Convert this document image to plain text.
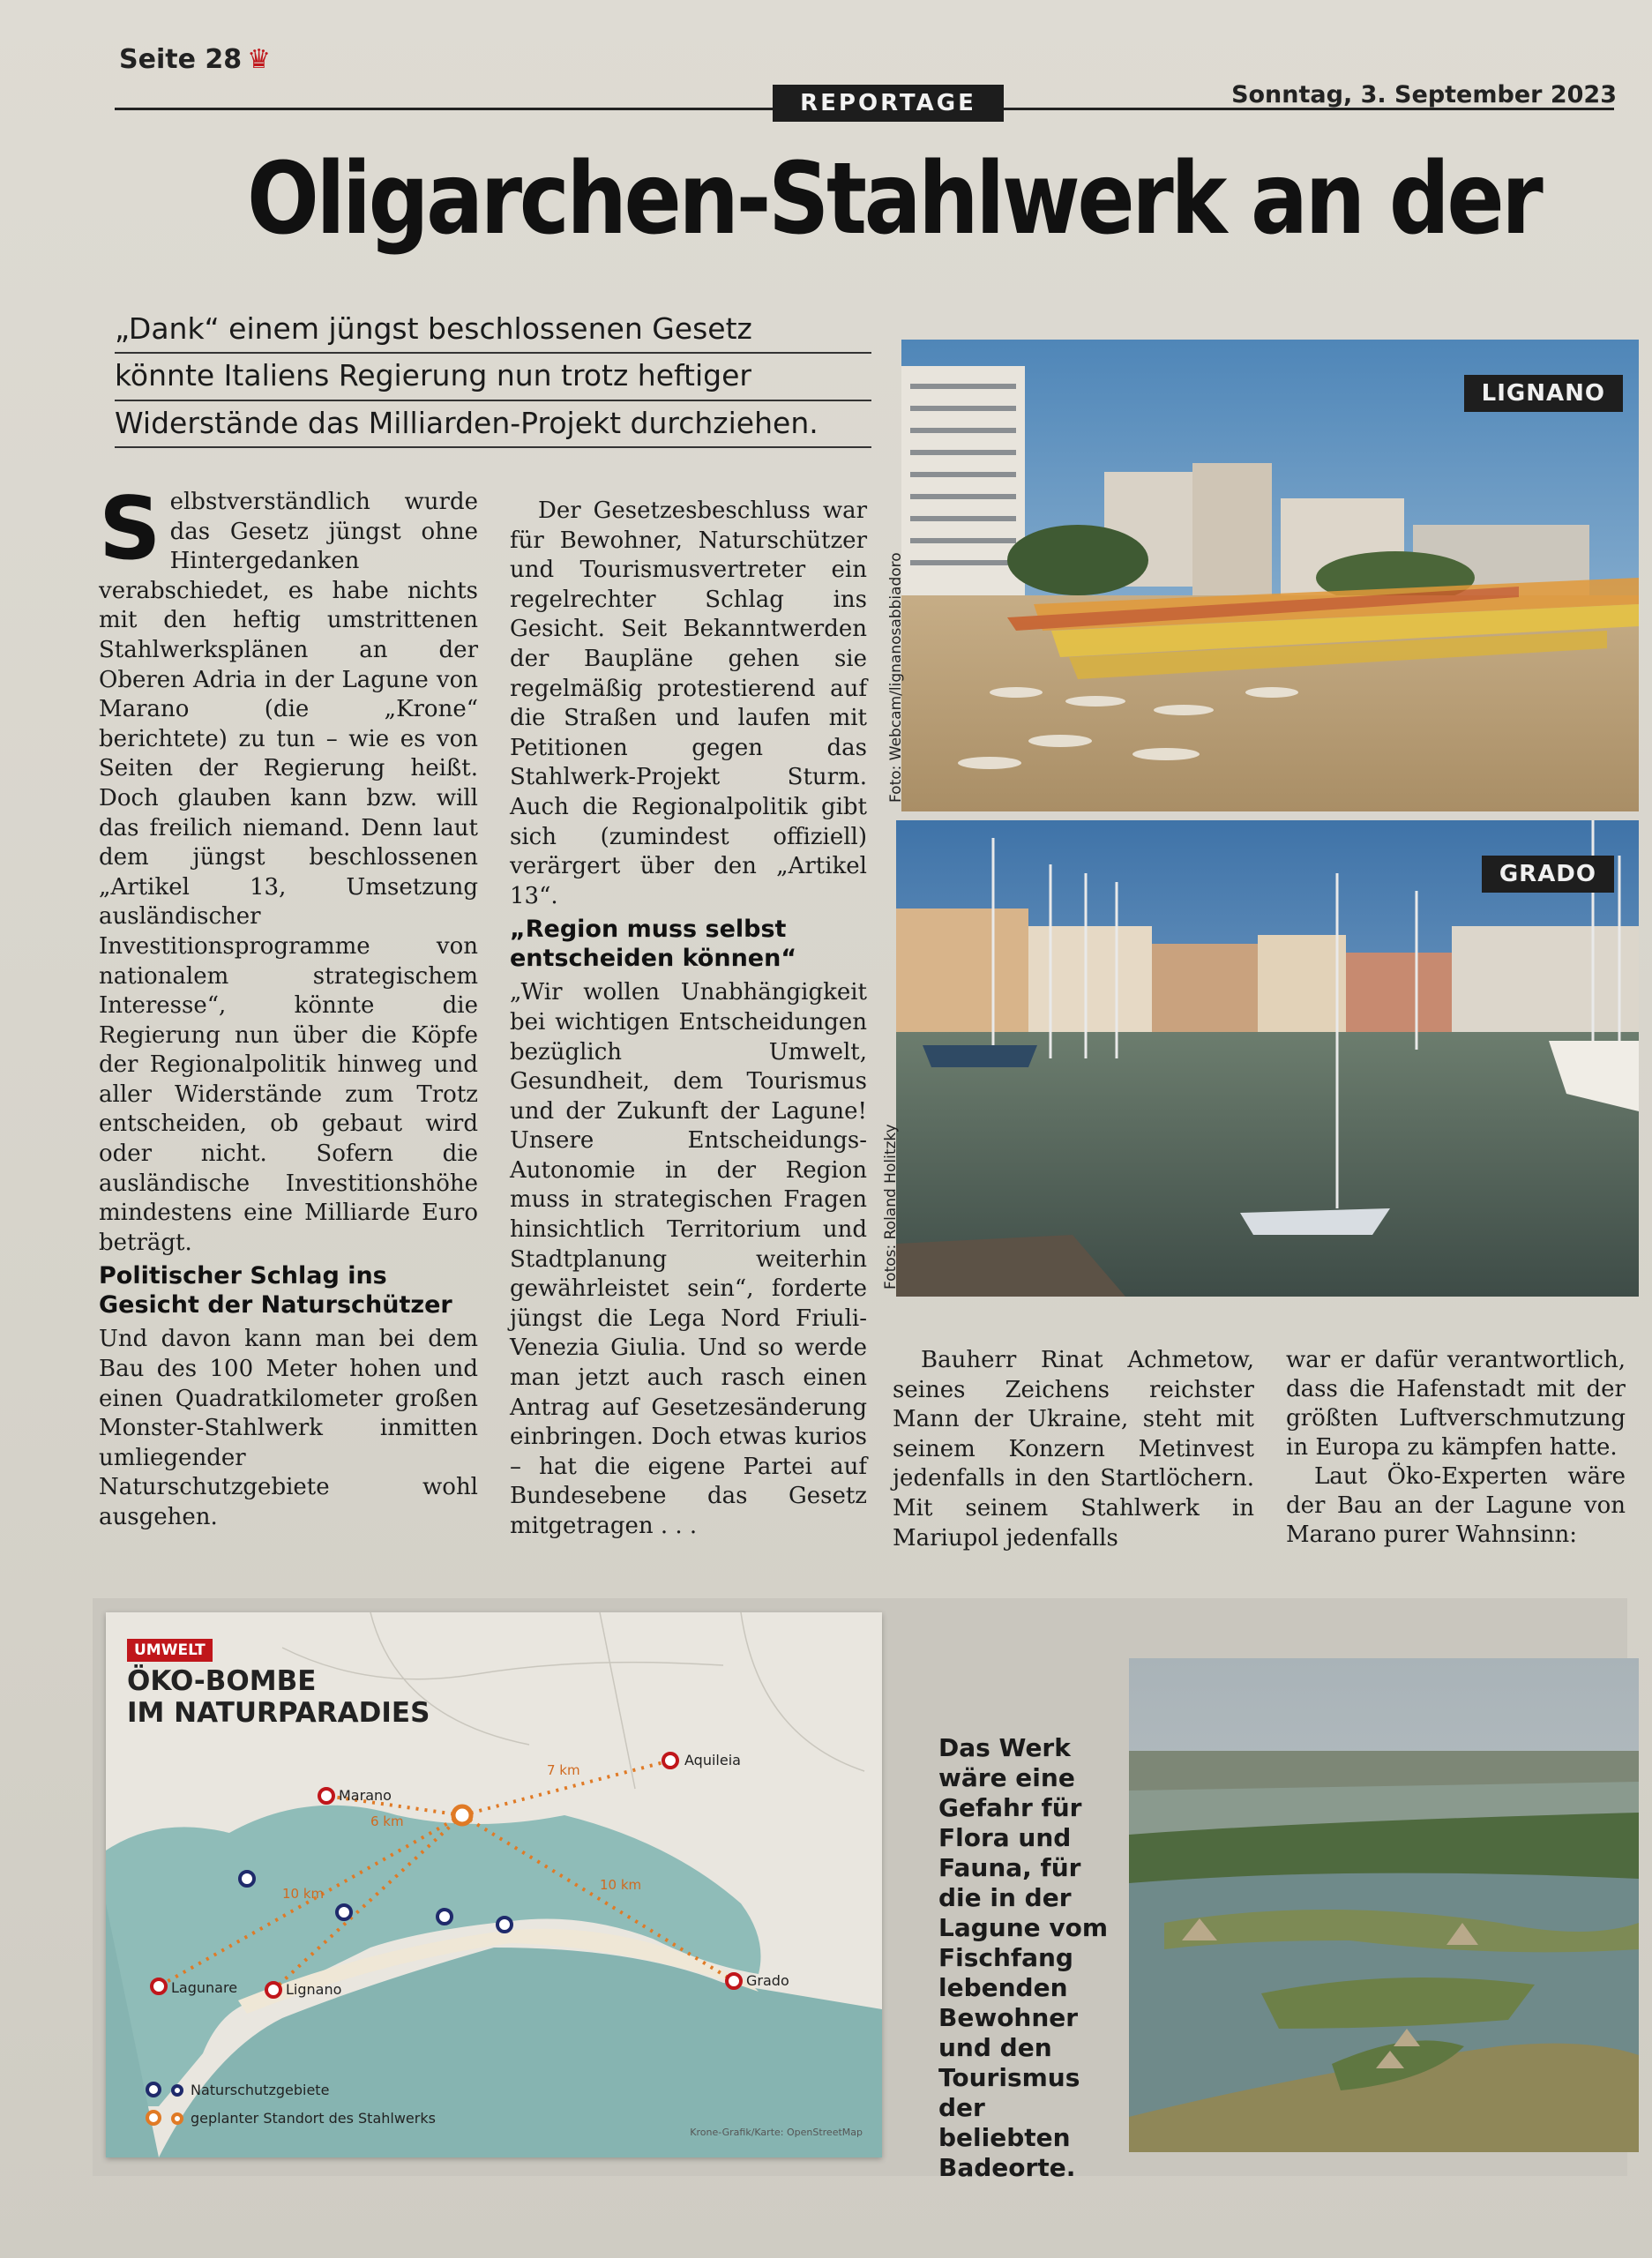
Seite 28 ♛
REPORTAGE	Sonntag, 3. September 2023
Oligarchen-Stahlwerk an der
„Dank“ einem jüngst beschlossenen Gesetz
könnte Italiens Regierung nun trotz heftiger
Widerstände das Milliarden-Projekt durchziehen.

Selbstverständlich wurde das Gesetz jüngst ohne Hintergedanken verabschiedet, es habe nichts mit den heftig umstrittenen Stahlwerksplänen an der Oberen Adria in der Lagune von Marano (die „Krone“ berichtete) zu tun – wie es von Seiten der Regierung heißt. Doch glauben kann bzw. will das freilich niemand. Denn laut dem jüngst beschlossenen „Artikel 13, Umsetzung ausländischer Investitionsprogramme von nationalem strategischem Interesse“, könnte die Regierung nun über die Köpfe der Regionalpolitik hinweg und aller Widerstände zum Trotz entscheiden, ob gebaut wird oder nicht. Sofern die ausländische Investitionshöhe mindestens eine Milliarde Euro beträgt.

Politischer Schlag ins Gesicht der Naturschützer

Und davon kann man bei dem Bau des 100 Meter hohen und einen Quadratkilometer großen Monster-Stahlwerk inmitten umliegender Naturschutzgebiete wohl ausgehen.

Der Gesetzesbeschluss war für Bewohner, Naturschützer und Tourismusvertreter ein regelrechter Schlag ins Gesicht. Seit Bekanntwerden der Baupläne gehen sie regelmäßig protestierend auf die Straßen und laufen mit Petitionen gegen das Stahlwerk-Projekt Sturm. Auch die Regionalpolitik gibt sich (zumindest offiziell) verärgert über den „Artikel 13“.

„Region muss selbst entscheiden können“

„Wir wollen Unabhängigkeit bei wichtigen Entscheidungen bezüglich Umwelt, Gesundheit, dem Tourismus und der Zukunft der Lagune! Unsere Entscheidungs-Autonomie in der Region muss in strategischen Fragen hinsichtlich Territorium und Stadtplanung weiterhin gewährleistet sein“, forderte jüngst die Lega Nord Friuli-Venezia Giulia. Und so werde man jetzt auch rasch einen Antrag auf Gesetzesänderung einbringen. Doch etwas kurios – hat die eigene Partei auf Bundesebene das Gesetz mitgetragen . . .

Bauherr Rinat Achmetow, seines Zeichens reichster Mann der Ukraine, steht mit seinem Konzern Metinvest jedenfalls in den Startlöchern. Mit seinem Stahlwerk in Mariupol jedenfalls

war er dafür verantwortlich, dass die Hafenstadt mit der größten Luftverschmutzung in Europa zu kämpfen hatte.

Laut Öko-Experten wäre der Bau an der Lagune von Marano purer Wahnsinn:

LIGNANO
Foto: Webcam/lignanosabbiadoro
GRADO
Fotos: Roland Holitzky
UMWELT
ÖKO-BOMBE
IM NATURPARADIES
Marano
Aquileia
Lagunare	Lignano
Grado
7 km
6 km
10 km
10 km
Naturschutzgebiete
geplanter Standort des Stahlwerks
Krone-Grafik/Karte: OpenStreetMap
Das Werk wäre eine Gefahr für Flora und Fauna, für die in der Lagune vom Fischfang lebenden Bewohner und den Tourismus der beliebten Badeorte.
